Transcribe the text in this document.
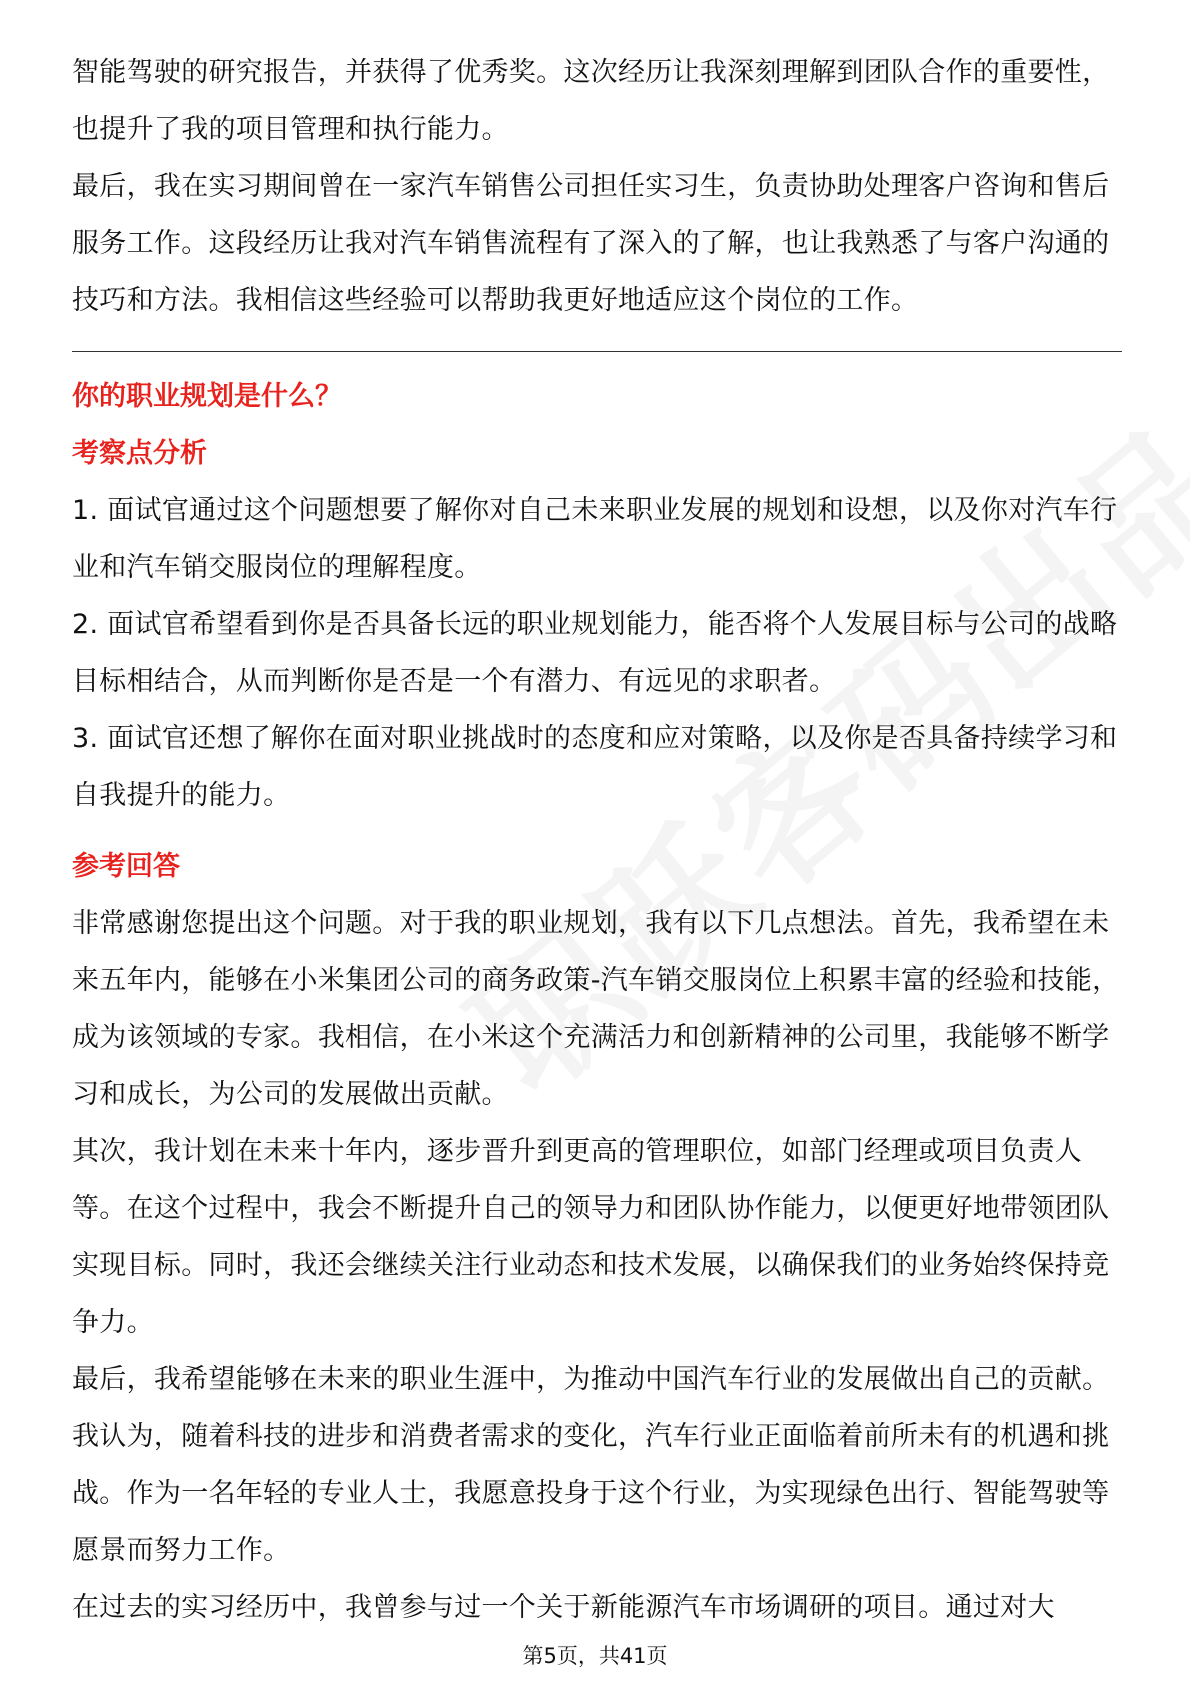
智能驾驶的研究报告，并获得了优秀奖。这次经历让我深刻理解到团队合作的重要性，也提升了我的项目管理和执行能力。

最后，我在实习期间曾在一家汽车销售公司担任实习生，负责协助处理客户咨询和售后服务工作。这段经历让我对汽车销售流程有了深入的了解，也让我熟悉了与客户沟通的技巧和方法。我相信这些经验可以帮助我更好地适应这个岗位的工作。

你的职业规划是什么？

考察点分析

1. 面试官通过这个问题想要了解你对自己未来职业发展的规划和设想，以及你对汽车行业和汽车销交服岗位的理解程度。

2. 面试官希望看到你是否具备长远的职业规划能力，能否将个人发展目标与公司的战略目标相结合，从而判断你是否是一个有潜力、有远见的求职者。

3. 面试官还想了解你在面对职业挑战时的态度和应对策略，以及你是否具备持续学习和自我提升的能力。

参考回答

非常感谢您提出这个问题。对于我的职业规划，我有以下几点想法。首先，我希望在未来五年内，能够在小米集团公司的商务政策-汽车销交服岗位上积累丰富的经验和技能，成为该领域的专家。我相信，在小米这个充满活力和创新精神的公司里，我能够不断学习和成长，为公司的发展做出贡献。

其次，我计划在未来十年内，逐步晋升到更高的管理职位，如部门经理或项目负责人等。在这个过程中，我会不断提升自己的领导力和团队协作能力，以便更好地带领团队实现目标。同时，我还会继续关注行业动态和技术发展，以确保我们的业务始终保持竞争力。

最后，我希望能够在未来的职业生涯中，为推动中国汽车行业的发展做出自己的贡献。我认为，随着科技的进步和消费者需求的变化，汽车行业正面临着前所未有的机遇和挑战。作为一名年轻的专业人士，我愿意投身于这个行业，为实现绿色出行、智能驾驶等愿景而努力工作。

在过去的实习经历中，我曾参与过一个关于新能源汽车市场调研的项目。通过对大

第5页，共41页
